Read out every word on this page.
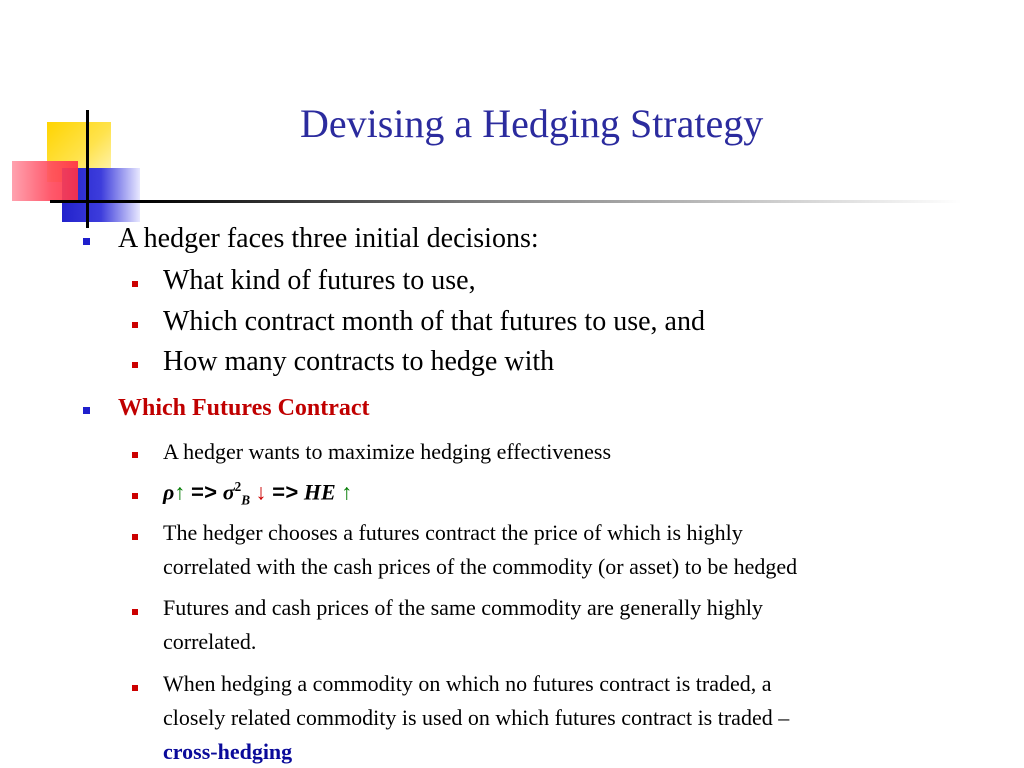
Devising a Hedging Strategy
A hedger faces three initial decisions:
What kind of futures to use,
Which contract month of that futures to use, and
How many contracts to hedge with
Which Futures Contract
A hedger wants to maximize hedging effectiveness
ρ↑ => $\sigma^2_B$ ↓ => HE ↑
The hedger chooses a futures contract the price of which is highly
correlated with the cash prices of the commodity (or asset) to be hedged
Futures and cash prices of the same commodity are generally highly
correlated.
When hedging a commodity on which no futures contract is traded, a
closely related commodity is used on which futures contract is traded –
cross-hedging
